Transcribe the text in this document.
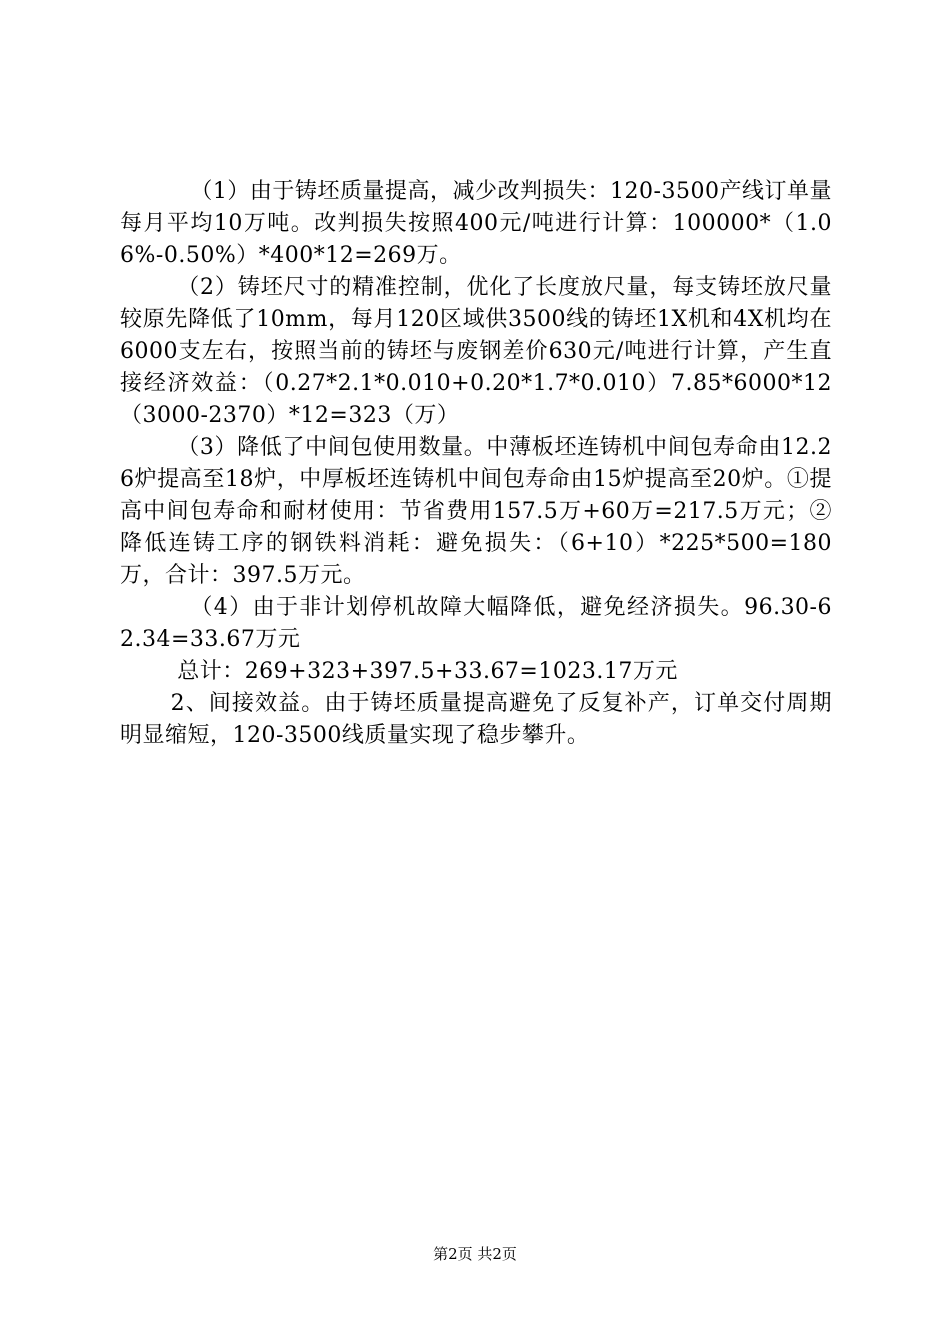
（1）由于铸坯质量提高，减少改判损失：120-3500产线订单量每月平均10万吨。改判损失按照400元/吨进行计算：100000*（1.06%-0.50%）*400*12=269万。

（2）铸坯尺寸的精准控制，优化了长度放尺量，每支铸坯放尺量较原先降低了10mm，每月120区域供3500线的铸坯1X机和4X机均在6000支左右，按照当前的铸坯与废钢差价630元/吨进行计算，产生直接经济效益：（0.27*2.1*0.010+0.20*1.7*0.010）7.85*6000*12（3000-2370）*12=323（万）

（3）降低了中间包使用数量。中薄板坯连铸机中间包寿命由12.26炉提高至18炉，中厚板坯连铸机中间包寿命由15炉提高至20炉。①提高中间包寿命和耐材使用：节省费用157.5万+60万=217.5万元；②降低连铸工序的钢铁料消耗：避免损失：（6+10）*225*500=180万，合计：397.5万元。

（4）由于非计划停机故障大幅降低，避免经济损失。96.30-62.34=33.67万元

总计：269+323+397.5+33.67=1023.17万元

2、间接效益。由于铸坯质量提高避免了反复补产，订单交付周期明显缩短，120-3500线质量实现了稳步攀升。

第2页 共2页
